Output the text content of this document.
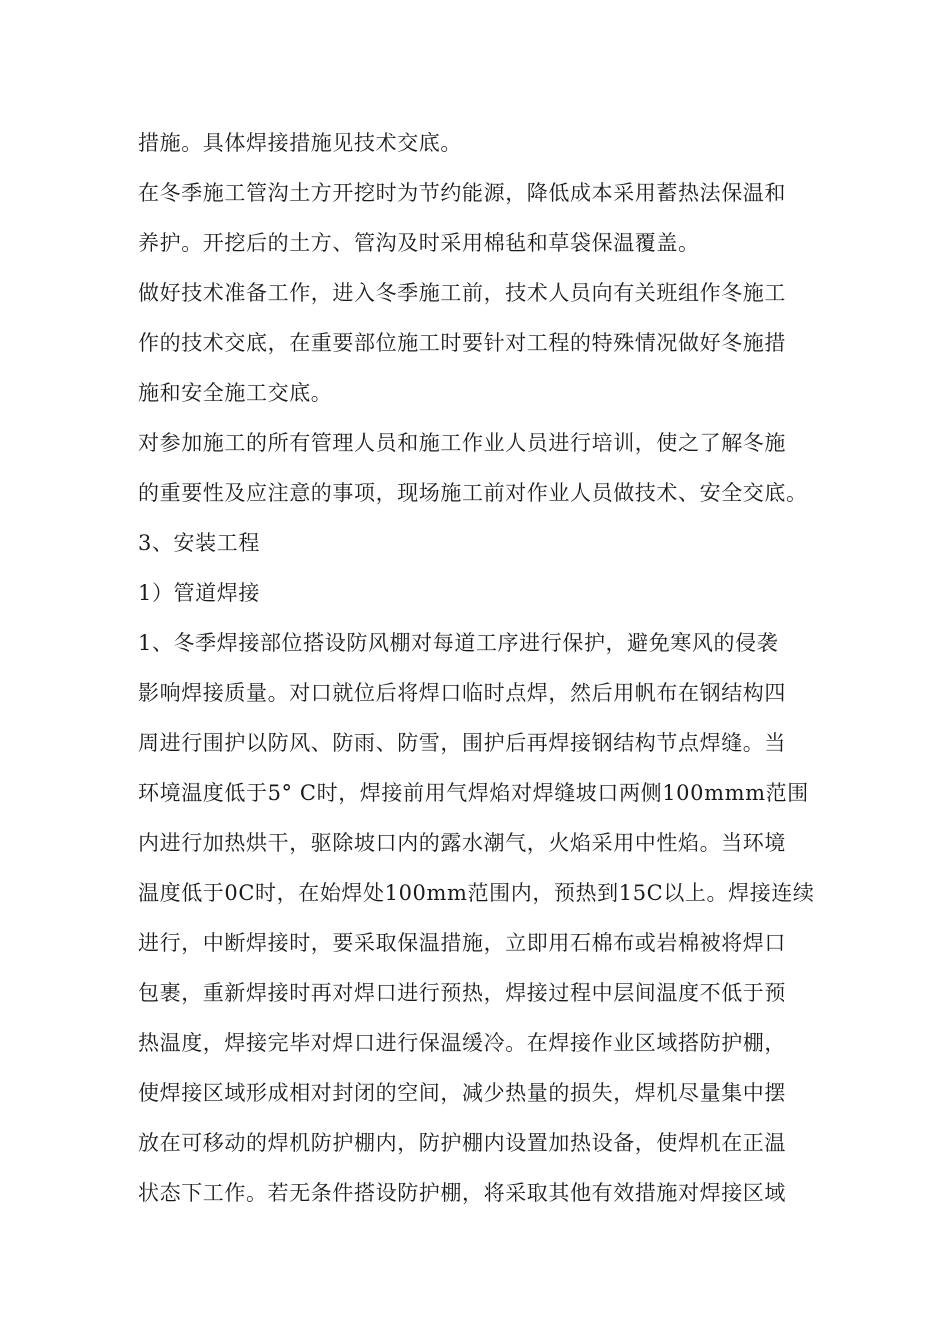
措施。具体焊接措施见技术交底。
在冬季施工管沟土方开挖时为节约能源，降低成本采用蓄热法保温和
养护。开挖后的土方、管沟及时采用棉毡和草袋保温覆盖。
做好技术准备工作，进入冬季施工前，技术人员向有关班组作冬施工
作的技术交底，在重要部位施工时要针对工程的特殊情况做好冬施措
施和安全施工交底。
对参加施工的所有管理人员和施工作业人员进行培训，使之了解冬施
的重要性及应注意的事项，现场施工前对作业人员做技术、安全交底。
3、安装工程
1）管道焊接
1、冬季焊接部位搭设防风棚对每道工序进行保护，避免寒风的侵袭
影响焊接质量。对口就位后将焊口临时点焊，然后用帆布在钢结构四
周进行围护以防风、防雨、防雪，围护后再焊接钢结构节点焊缝。当
环境温度低于5° C时，焊接前用气焊焰对焊缝坡口两侧100mmm范围
内进行加热烘干，驱除坡口内的露水潮气，火焰采用中性焰。当环境
温度低于0C时，在始焊处100mm范围内，预热到15C以上。焊接连续
进行，中断焊接时，要采取保温措施，立即用石棉布或岩棉被将焊口
包裹，重新焊接时再对焊口进行预热，焊接过程中层间温度不低于预
热温度，焊接完毕对焊口进行保温缓冷。在焊接作业区域搭防护棚，
使焊接区域形成相对封闭的空间，减少热量的损失，焊机尽量集中摆
放在可移动的焊机防护棚内，防护棚内设置加热设备，使焊机在正温
状态下工作。若无条件搭设防护棚，将采取其他有效措施对焊接区域
